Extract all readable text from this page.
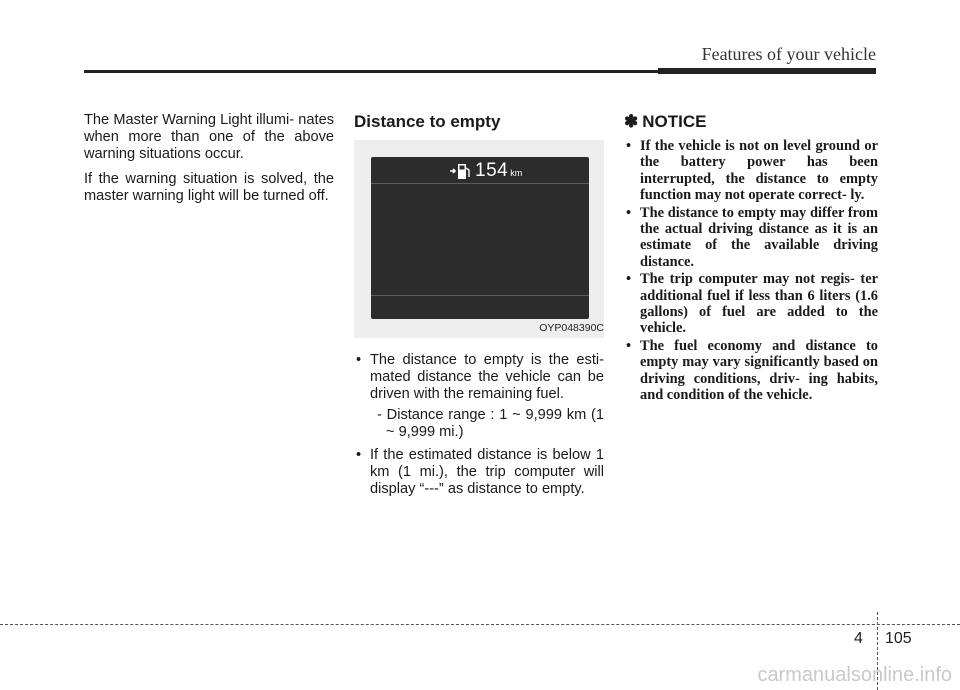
Features of your vehicle

The Master Warning Light illumi- nates when more than one of the above warning situations occur.

If the warning situation is solved, the master warning light will be turned off.

Distance to empty
154 km
OYP048390C
• The distance to empty is the esti- mated distance the vehicle can be driven with the remaining fuel.

- Distance range : 1 ~ 9,999 km (1 ~ 9,999 mi.)

• If the estimated distance is below 1 km (1 mi.), the trip computer will display “---” as distance to empty.
✽ NOTICE
• If the vehicle is not on level ground or the battery power has been interrupted, the distance to empty function may not operate correct- ly.
• The distance to empty may differ from the actual driving distance as it is an estimate of the available driving distance.
• The trip computer may not regis- ter additional fuel if less than 6 liters (1.6 gallons) of fuel are added to the vehicle.
• The fuel economy and distance to empty may vary significantly based on driving conditions, driv- ing habits, and condition of the vehicle.
4 105
carmanualsonline.info
